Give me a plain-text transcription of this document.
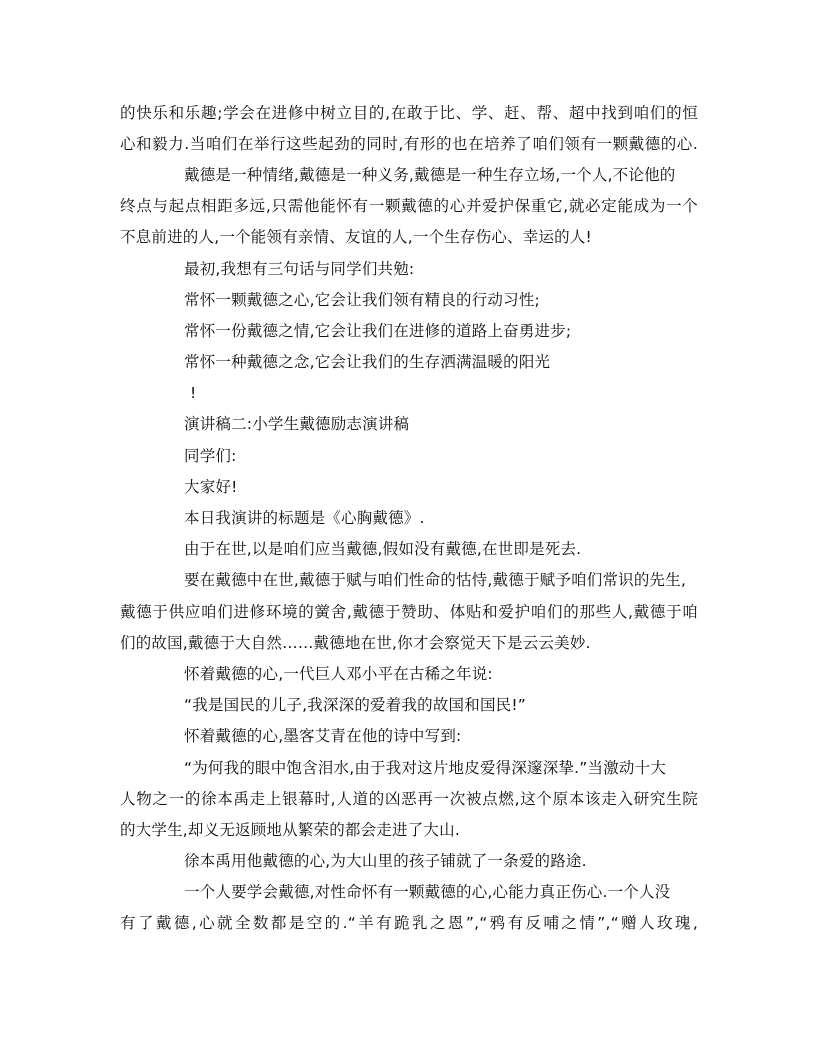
的快乐和乐趣;学会在进修中树立目的,在敢于比、学、赶、帮、超中找到咱们的恒
心和毅力.当咱们在举行这些起劲的同时,有形的也在培养了咱们领有一颗戴德的心.
戴德是一种情绪,戴德是一种义务,戴德是一种生存立场,一个人,不论他的
终点与起点相距多远,只需他能怀有一颗戴德的心并爱护保重它,就必定能成为一个
不息前进的人,一个能领有亲情、友谊的人,一个生存伤心、幸运的人!
最初,我想有三句话与同学们共勉:
常怀一颗戴德之心,它会让我们领有精良的行动习性;
常怀一份戴德之情,它会让我们在进修的道路上奋勇进步;
常怀一种戴德之念,它会让我们的生存洒满温暖的阳光
!
演讲稿二:小学生戴德励志演讲稿
同学们:
大家好!
本日我演讲的标题是《心胸戴德》.
由于在世,以是咱们应当戴德,假如没有戴德,在世即是死去.
要在戴德中在世,戴德于赋与咱们性命的怙恃,戴德于赋予咱们常识的先生,
戴德于供应咱们进修环境的黉舍,戴德于赞助、体贴和爱护咱们的那些人,戴德于咱
们的故国,戴德于大自然……戴德地在世,你才会察觉天下是云云美妙.
怀着戴德的心,一代巨人邓小平在古稀之年说:
“我是国民的儿子,我深深的爱着我的故国和国民!”
怀着戴德的心,墨客艾青在他的诗中写到:
“为何我的眼中饱含泪水,由于我对这片地皮爱得深邃深挚.”当激动十大
人物之一的徐本禹走上银幕时,人道的凶恶再一次被点燃,这个原本该走入研究生院
的大学生,却义无返顾地从繁荣的都会走进了大山.
徐本禹用他戴德的心,为大山里的孩子铺就了一条爱的路途.
一个人要学会戴德,对性命怀有一颗戴德的心,心能力真正伤心.一个人没
有了戴德,心就全数都是空的.“羊有跪乳之恩”,“鸦有反哺之情”,“赠人玫瑰,
